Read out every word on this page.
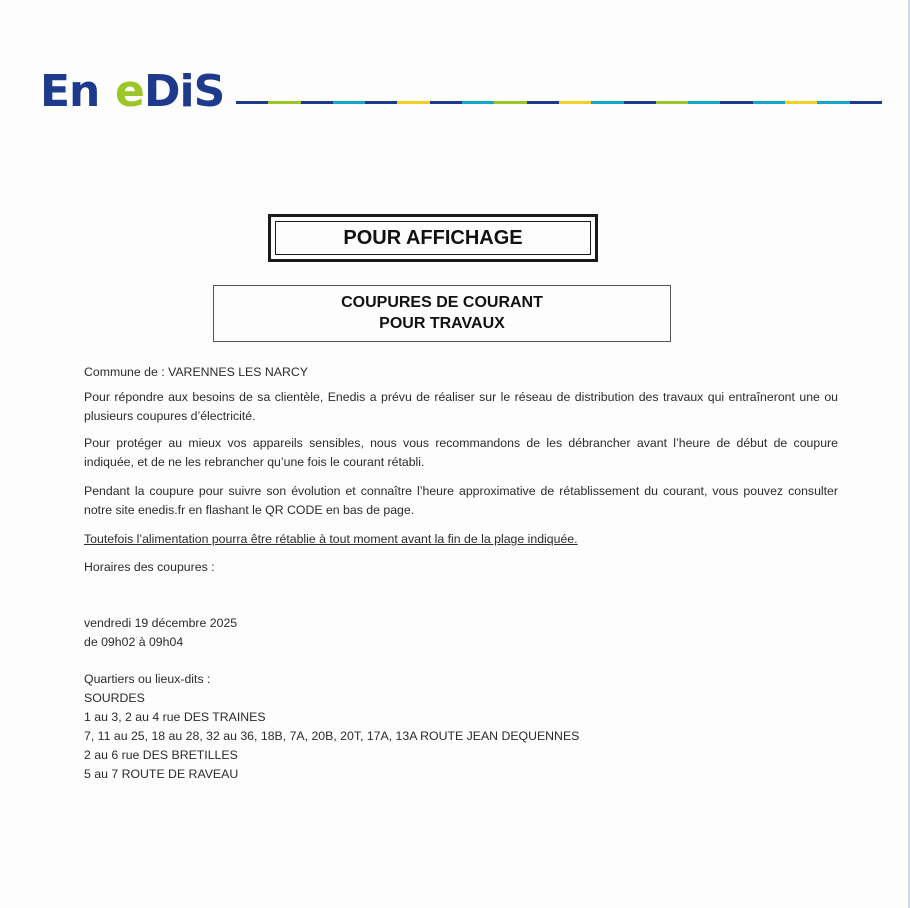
En e DiS
POUR AFFICHAGE
COUPURES DE COURANT
POUR TRAVAUX
Commune de : VARENNES LES NARCY
Pour répondre aux besoins de sa clientèle, Enedis a prévu de réaliser sur le réseau de distribution des travaux qui entraîneront une ou plusieurs coupures d’électricité.
Pour protéger au mieux vos appareils sensibles, nous vous recommandons de les débrancher avant l’heure de début de coupure indiquée, et de ne les rebrancher qu’une fois le courant rétabli.
Pendant la coupure pour suivre son évolution et connaître l’heure approximative de rétablissement du courant, vous pouvez consulter notre site enedis.fr en flashant le QR CODE en bas de page.
Toutefois l’alimentation pourra être rétablie à tout moment avant la fin de la plage indiquée.
Horaires des coupures :
vendredi 19 décembre 2025
de 09h02 à 09h04
Quartiers ou lieux-dits :
SOURDES
1 au 3, 2 au 4 rue DES TRAINES
7, 11 au 25, 18 au 28, 32 au 36, 18B, 7A, 20B, 20T, 17A, 13A ROUTE JEAN DEQUENNES
2 au 6 rue DES BRETILLES
5 au 7 ROUTE DE RAVEAU
